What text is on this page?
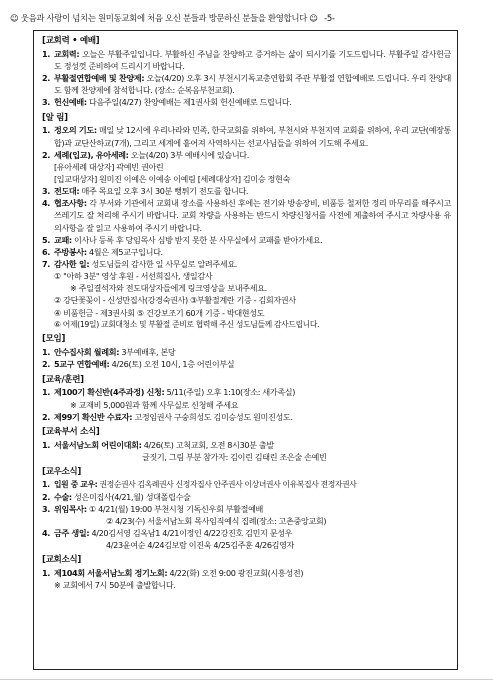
☺ 웃음과 사랑이 넘치는 원미동교회에 처음 오신 분들과 방문하신 분들을 환영합니다 ☺ -5-
[교회력 • 예배]
1. 교회력: 오늘은 부활주일입니다. 부활하신 주님을 찬양하고 증거하는 삶이 되시기를 기도드립니다. 부활주일 감사헌금도 정성껏 준비하여 드리시기 바랍니다.
2. 부활절연합예배 및 찬양제: 오늘(4/20) 오후 3시 부천시기독교총연합회 주관 부활절 연합예배로 드립니다. 우리 찬양대도 함께 찬양제에 참석합니다. (장소: 순복음부천교회).
3. 헌신예배: 다음주일(4/27) 찬양예배는 제1권사회 헌신예배로 드립니다.
[알 림]
1. 정오의 기도: 매일 낮 12시에 우리나라와 민족, 한국교회를 위하여, 부천시와 부천지역 교회를 위하여, 우리 교단(예장통합)과 교단산하교(7개), 그리고 세계에 흩어져 사역하시는 선교사님들을 위하여 기도해 주세요.
2. 세례(입교), 유아세례: 오늘(4/20) 3부 예배시에 있습니다.
[유아세례 대상자] 곽예빈 권아린
[입교대상자] 원미진 이예은 이예송 이예림 [세례대상자] 김미승 정현숙
3. 전도대: 매주 목요일 오후 3시 30분 뻥튀기 전도를 합니다.
4. 협조사항: 각 부서와 기관에서 교회내 장소를 사용하신 후에는 전기와 방송장비, 비품등 철저한 정리 마무리를 해주시고 쓰레기도 잘 처리해 주시기 바랍니다. 교회 차량을 사용하는 반드시 차량신청서를 사전에 제출하여 주시고 차량사용 유의사항을 잘 읽고 사용하여 주시기 바랍니다.
5. 교패: 이사나 등록 후 당임목사 심방 받지 못한 분 사무실에서 교패를 받아가세요.
6. 주방봉사: 4월은 제5교구입니다.
7. 감사한 일: 성도님들의 감사한 일 사무실로 알려주세요.
① "아하 3분" 영상 후원 - 서선희집사, 생일감사
※ 주일결석자와 전도대상자들에게 링크영상을 보내주세요.
② 강단꽃꽂이 - 신성만집사(강경숙권사) ③부활절계란 기증 - 김회자권사
④ 비품헌금 - 제3권사회 ⑤ 건강보조기 60개 기증 - 박대현성도
⑥ 어제(19일) 교회대청소 및 부활절 준비로 협력해 주신 성도님들께 감사드립니다.
[모임]
1. 안수집사회 월례회: 3부예배후, 본당
2. 5교구 연합예배: 4/26(토) 오전 10시, 1층 어린이부실
[교육/훈련]
1. 제100기 확신반(4주과정) 신청: 5/11(주일) 오후 1:10(장소: 새가족실)
※ 교재비 5,000원과 함께 사무실로 신청해 주세요
2. 제99기 확신반 수료자: 고정임권사 구숭희성도 김미승성도 원미진성도.
[교육부서 소식]
1. 서울서남노회 어린이대회: 4/26(토) 고척교회, 오전 8시30분 출발
글짓기, 그림 부분 참가자: 김이린 김태린 조은술 손예빈
[교우소식]
1. 입원 중 교우: 권정순권사 김옥례권사 신정자집사 안주권사 이상녀권사 이유복집사 전정자권사
2. 수술: 성은미집사(4/21,월) 성대폴립수술
3. 위임목사: ① 4/21(월) 19:00 부천시청 기독신우회 부활절예배
② 4/23(수) 서울서남노회 목사임직예식 집례(장소: 고촌중앙교회)
4. 금주 생일: 4/20김서영 김옥남1 4/21이정인 4/22강진호 김민지 문성우
4/23윤여순 4/24김보람 이진욱 4/25김주훈 4/26김영자
[교회소식]
1. 제104회 서울서남노회 정기노회: 4/22(화) 오전 9:00 광진교회(시흥성전)
※ 교회에서 7시 50분에 출발합니다.
